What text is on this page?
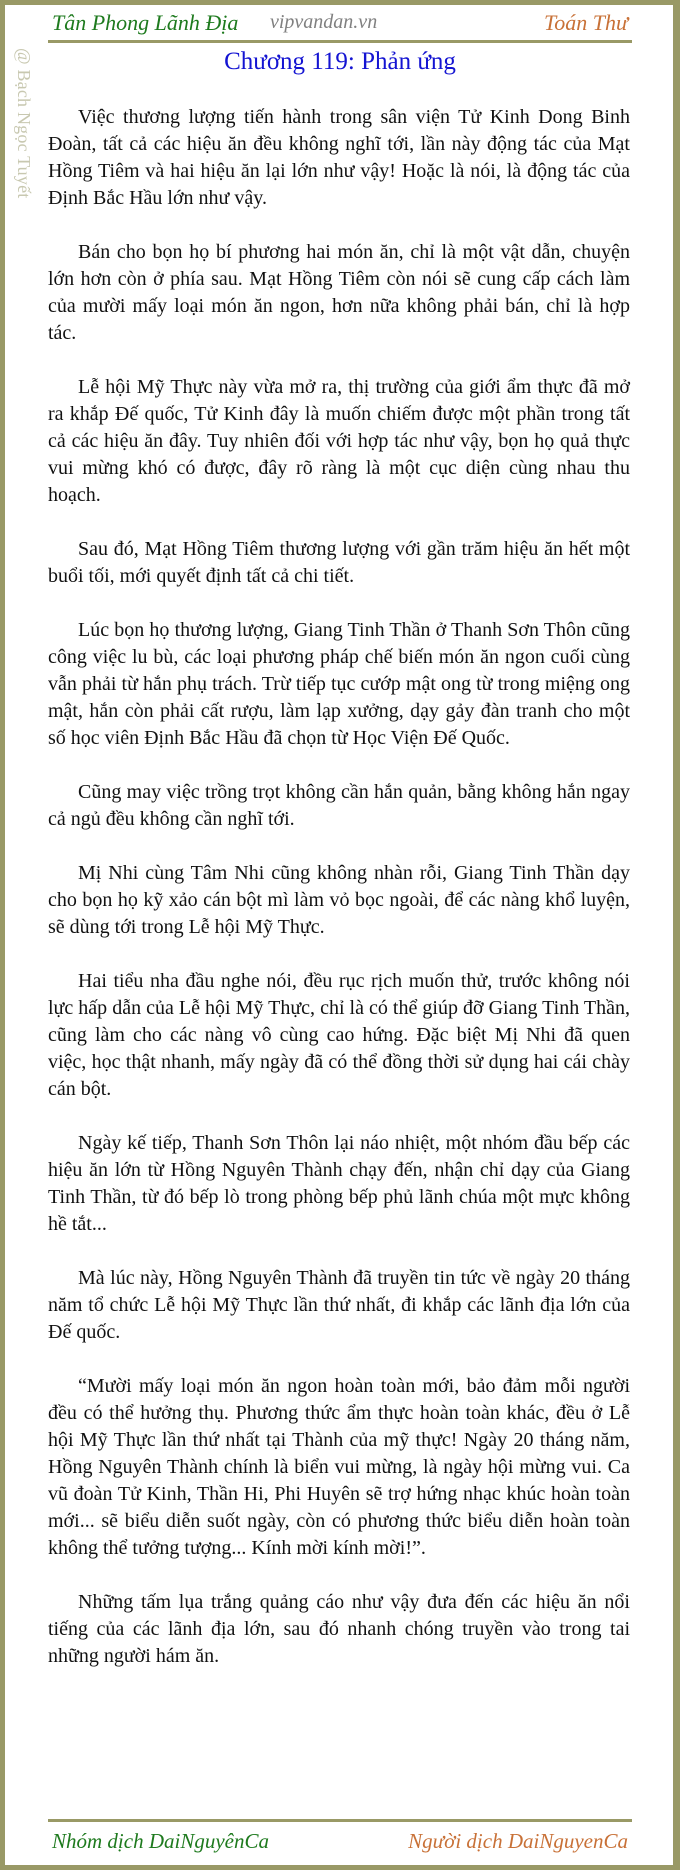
@ Bạch Ngọc Tuyết
Tân Phong Lãnh Địa vipvandan.vn	Toán Thư
Chương 119: Phản ứng

Việc thương lượng tiến hành trong sân viện Tử Kinh Dong Binh Đoàn, tất cả các hiệu ăn đều không nghĩ tới, lần này động tác của Mạt Hồng Tiêm và hai hiệu ăn lại lớn như vậy! Hoặc là nói, là động tác của Định Bắc Hầu lớn như vậy.

Bán cho bọn họ bí phương hai món ăn, chỉ là một vật dẫn, chuyện lớn hơn còn ở phía sau. Mạt Hồng Tiêm còn nói sẽ cung cấp cách làm của mười mấy loại món ăn ngon, hơn nữa không phải bán, chỉ là hợp tác.

Lễ hội Mỹ Thực này vừa mở ra, thị trường của giới ẩm thực đã mở ra khắp Đế quốc, Tử Kinh đây là muốn chiếm được một phần trong tất cả các hiệu ăn đây. Tuy nhiên đối với hợp tác như vậy, bọn họ quả thực vui mừng khó có được, đây rõ ràng là một cục diện cùng nhau thu hoạch.

Sau đó, Mạt Hồng Tiêm thương lượng với gần trăm hiệu ăn hết một buổi tối, mới quyết định tất cả chi tiết.

Lúc bọn họ thương lượng, Giang Tinh Thần ở Thanh Sơn Thôn cũng công việc lu bù, các loại phương pháp chế biến món ăn ngon cuối cùng vẫn phải từ hắn phụ trách. Trừ tiếp tục cướp mật ong từ trong miệng ong mật, hắn còn phải cất rượu, làm lạp xưởng, dạy gảy đàn tranh cho một số học viên Định Bắc Hầu đã chọn từ Học Viện Đế Quốc.

Cũng may việc trồng trọt không cần hắn quản, bằng không hắn ngay cả ngủ đều không cần nghĩ tới.

Mị Nhi cùng Tâm Nhi cũng không nhàn rỗi, Giang Tinh Thần dạy cho bọn họ kỹ xảo cán bột mì làm vỏ bọc ngoài, để các nàng khổ luyện, sẽ dùng tới trong Lễ hội Mỹ Thực.

Hai tiểu nha đầu nghe nói, đều rục rịch muốn thử, trước không nói lực hấp dẫn của Lễ hội Mỹ Thực, chỉ là có thể giúp đỡ Giang Tinh Thần, cũng làm cho các nàng vô cùng cao hứng. Đặc biệt Mị Nhi đã quen việc, học thật nhanh, mấy ngày đã có thể đồng thời sử dụng hai cái chày cán bột.

Ngày kế tiếp, Thanh Sơn Thôn lại náo nhiệt, một nhóm đầu bếp các hiệu ăn lớn từ Hồng Nguyên Thành chạy đến, nhận chỉ dạy của Giang Tinh Thần, từ đó bếp lò trong phòng bếp phủ lãnh chúa một mực không hề tắt...

Mà lúc này, Hồng Nguyên Thành đã truyền tin tức về ngày 20 tháng năm tổ chức Lễ hội Mỹ Thực lần thứ nhất, đi khắp các lãnh địa lớn của Đế quốc.

“Mười mấy loại món ăn ngon hoàn toàn mới, bảo đảm mỗi người đều có thể hưởng thụ. Phương thức ẩm thực hoàn toàn khác, đều ở Lễ hội Mỹ Thực lần thứ nhất tại Thành của mỹ thực! Ngày 20 tháng năm, Hồng Nguyên Thành chính là biển vui mừng, là ngày hội mừng vui. Ca vũ đoàn Tử Kinh, Thần Hi, Phi Huyên sẽ trợ hứng nhạc khúc hoàn toàn mới... sẽ biểu diễn suốt ngày, còn có phương thức biểu diễn hoàn toàn không thể tưởng tượng... Kính mời kính mời!”.

Những tấm lụa trắng quảng cáo như vậy đưa đến các hiệu ăn nổi tiếng của các lãnh địa lớn, sau đó nhanh chóng truyền vào trong tai những người hám ăn.

Nhóm dịch DaiNguyênCa	Người dịch DaiNguyenCa
